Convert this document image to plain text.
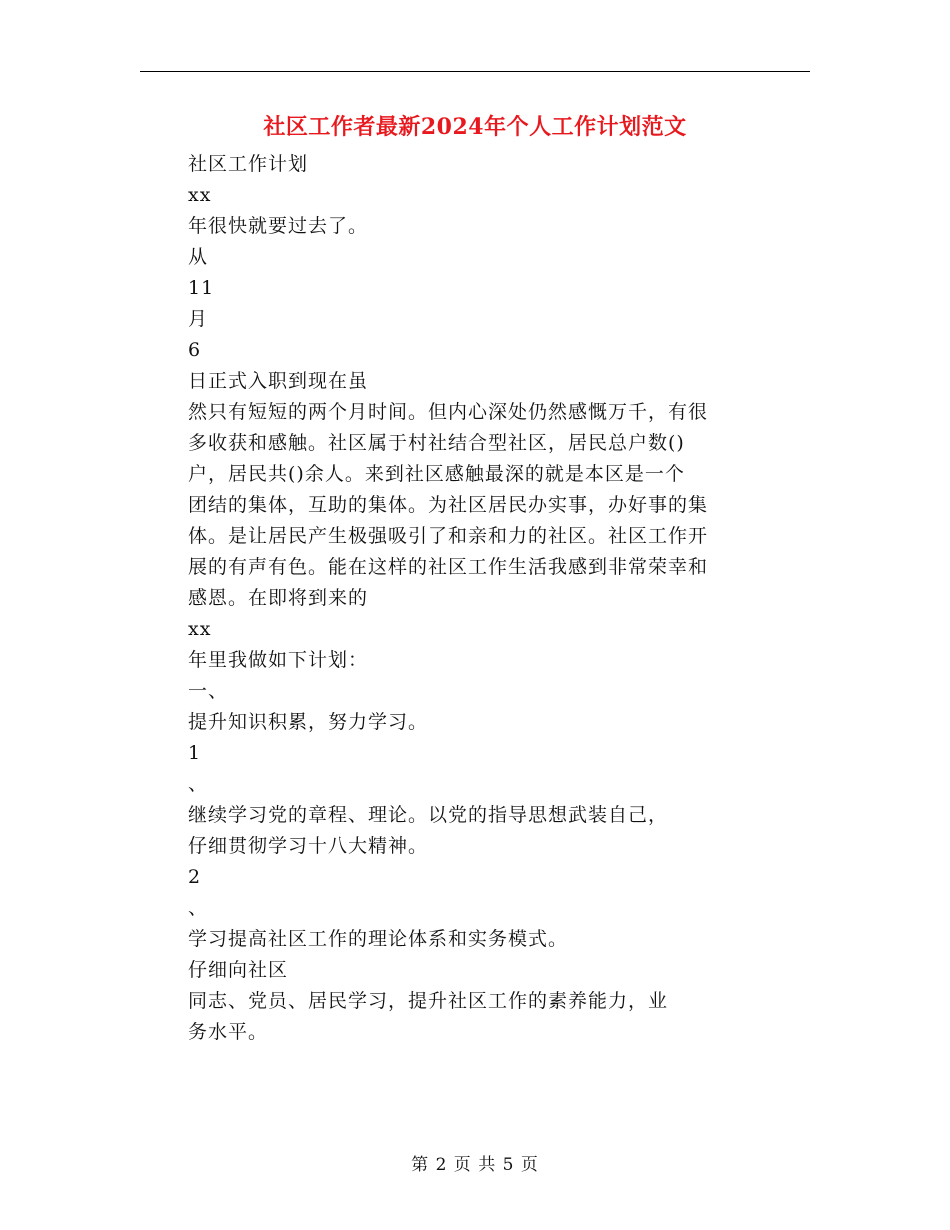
社区工作者最新2024年个人工作计划范文
社区工作计划
xx
年很快就要过去了。
从
11
月
6
日正式入职到现在虽
然只有短短的两个月时间。但内心深处仍然感慨万千，有很
多收获和感触。社区属于村社结合型社区，居民总户数()
户，居民共()余人。来到社区感触最深的就是本区是一个
团结的集体，互助的集体。为社区居民办实事，办好事的集
体。是让居民产生极强吸引了和亲和力的社区。社区工作开
展的有声有色。能在这样的社区工作生活我感到非常荣幸和
感恩。在即将到来的
xx
年里我做如下计划：
一、
提升知识积累，努力学习。
1
、
继续学习党的章程、理论。以党的指导思想武装自己，
仔细贯彻学习十八大精神。
2
、
学习提高社区工作的理论体系和实务模式。
仔细向社区
同志、党员、居民学习，提升社区工作的素养能力，业
务水平。
第 2 页 共 5 页
